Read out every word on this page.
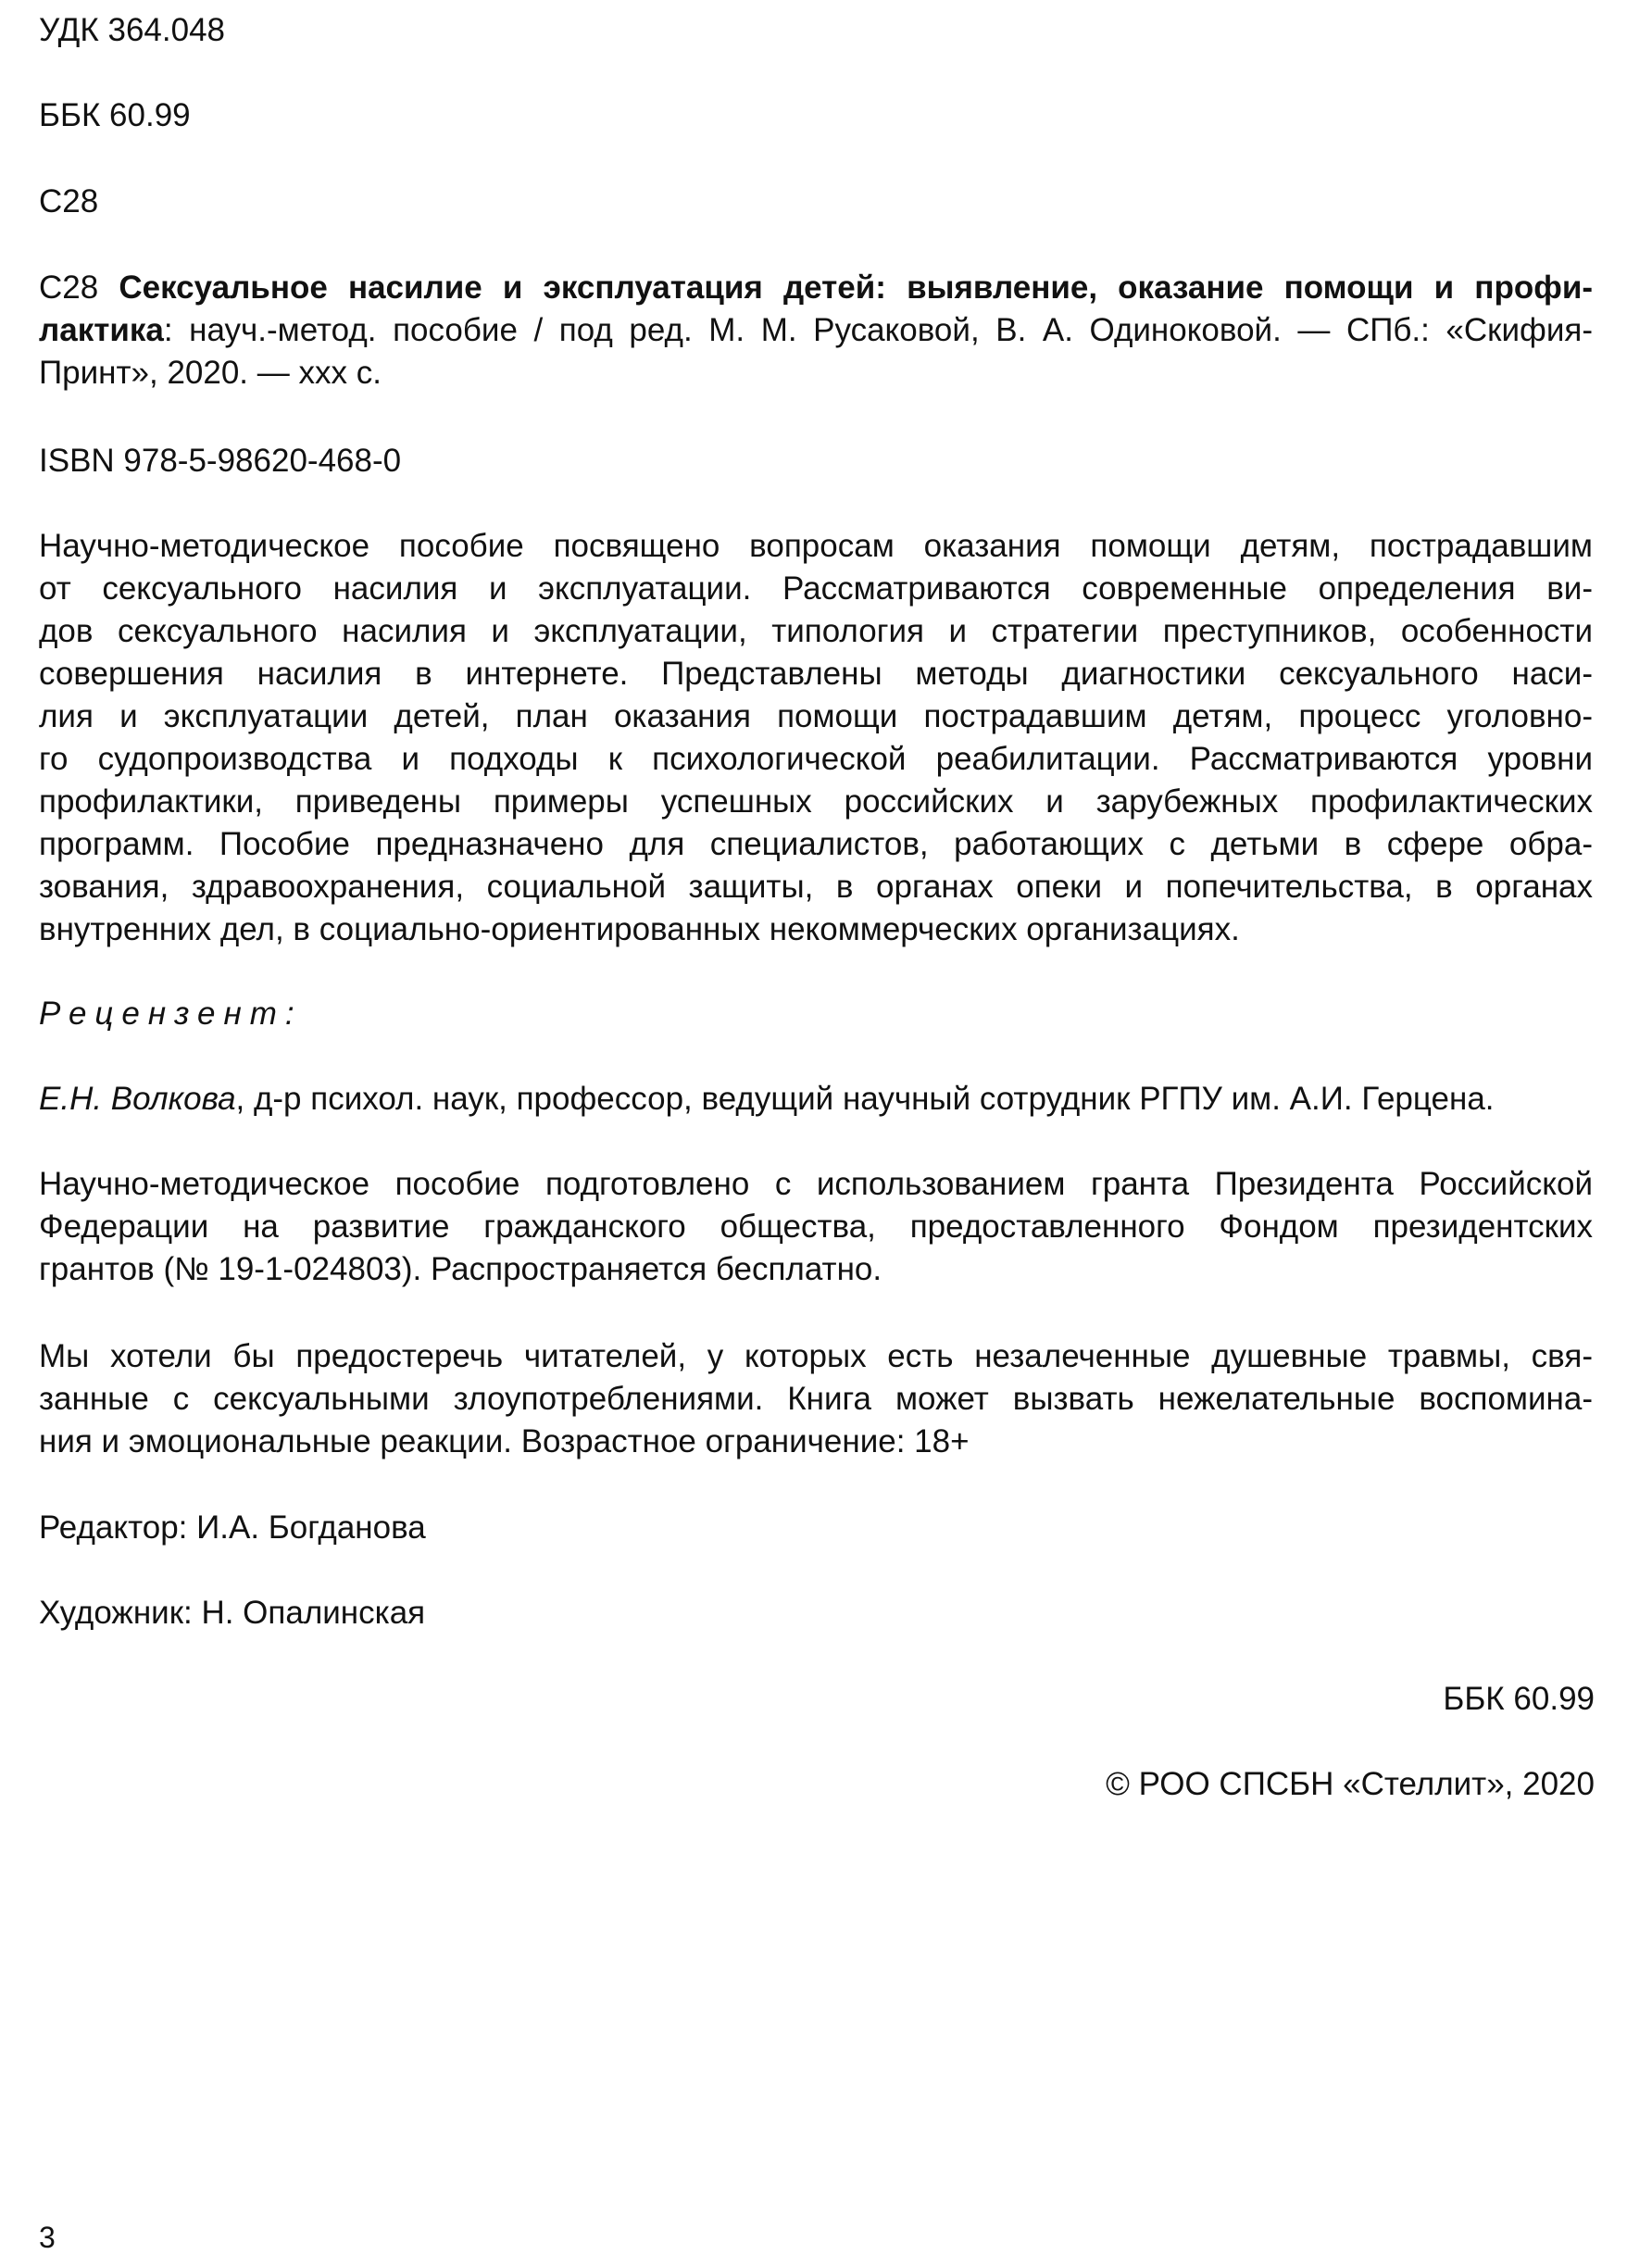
УДК 364.048

ББК 60.99

С28

С28 Сексуальное насилие и эксплуатация детей: выявление, оказание помощи и профи-
лактика: науч.-метод. пособие / под ред. М. М. Русаковой, В. А. Одиноковой. — СПб.: «Скифия-
Принт», 2020. — ххх с.

ISBN 978-5-98620-468-0

Научно-методическое пособие посвящено вопросам оказания помощи детям, пострадавшим
от сексуального насилия и эксплуатации. Рассматриваются современные определения ви-
дов сексуального насилия и эксплуатации, типология и стратегии преступников, особенности
совершения насилия в интернете. Представлены методы диагностики сексуального наси-
лия и эксплуатации детей, план оказания помощи пострадавшим детям, процесс уголовно-
го судопроизводства и подходы к психологической реабилитации. Рассматриваются уровни
профилактики, приведены примеры успешных российских и зарубежных профилактических
программ. Пособие предназначено для специалистов, работающих с детьми в сфере обра-
зования, здравоохранения, социальной защиты, в органах опеки и попечительства, в органах
внутренних дел, в социально-ориентированных некоммерческих организациях.

Рецензент:

Е.Н. Волкова, д-р психол. наук, профессор, ведущий научный сотрудник РГПУ им. А.И. Герцена.

Научно-методическое пособие подготовлено с использованием гранта Президента Российской
Федерации на развитие гражданского общества, предоставленного Фондом президентских
грантов (№ 19-1-024803). Распространяется бесплатно.
Мы хотели бы предостеречь читателей, у которых есть незалеченные душевные травмы, свя-
занные с сексуальными злоупотреблениями. Книга может вызвать нежелательные воспомина-
ния и эмоциональные реакции. Возрастное ограничение: 18+

Редактор: И.А. Богданова

Художник: Н. Опалинская

ББК 60.99
© РОО СПСБН «Стеллит», 2020
3
